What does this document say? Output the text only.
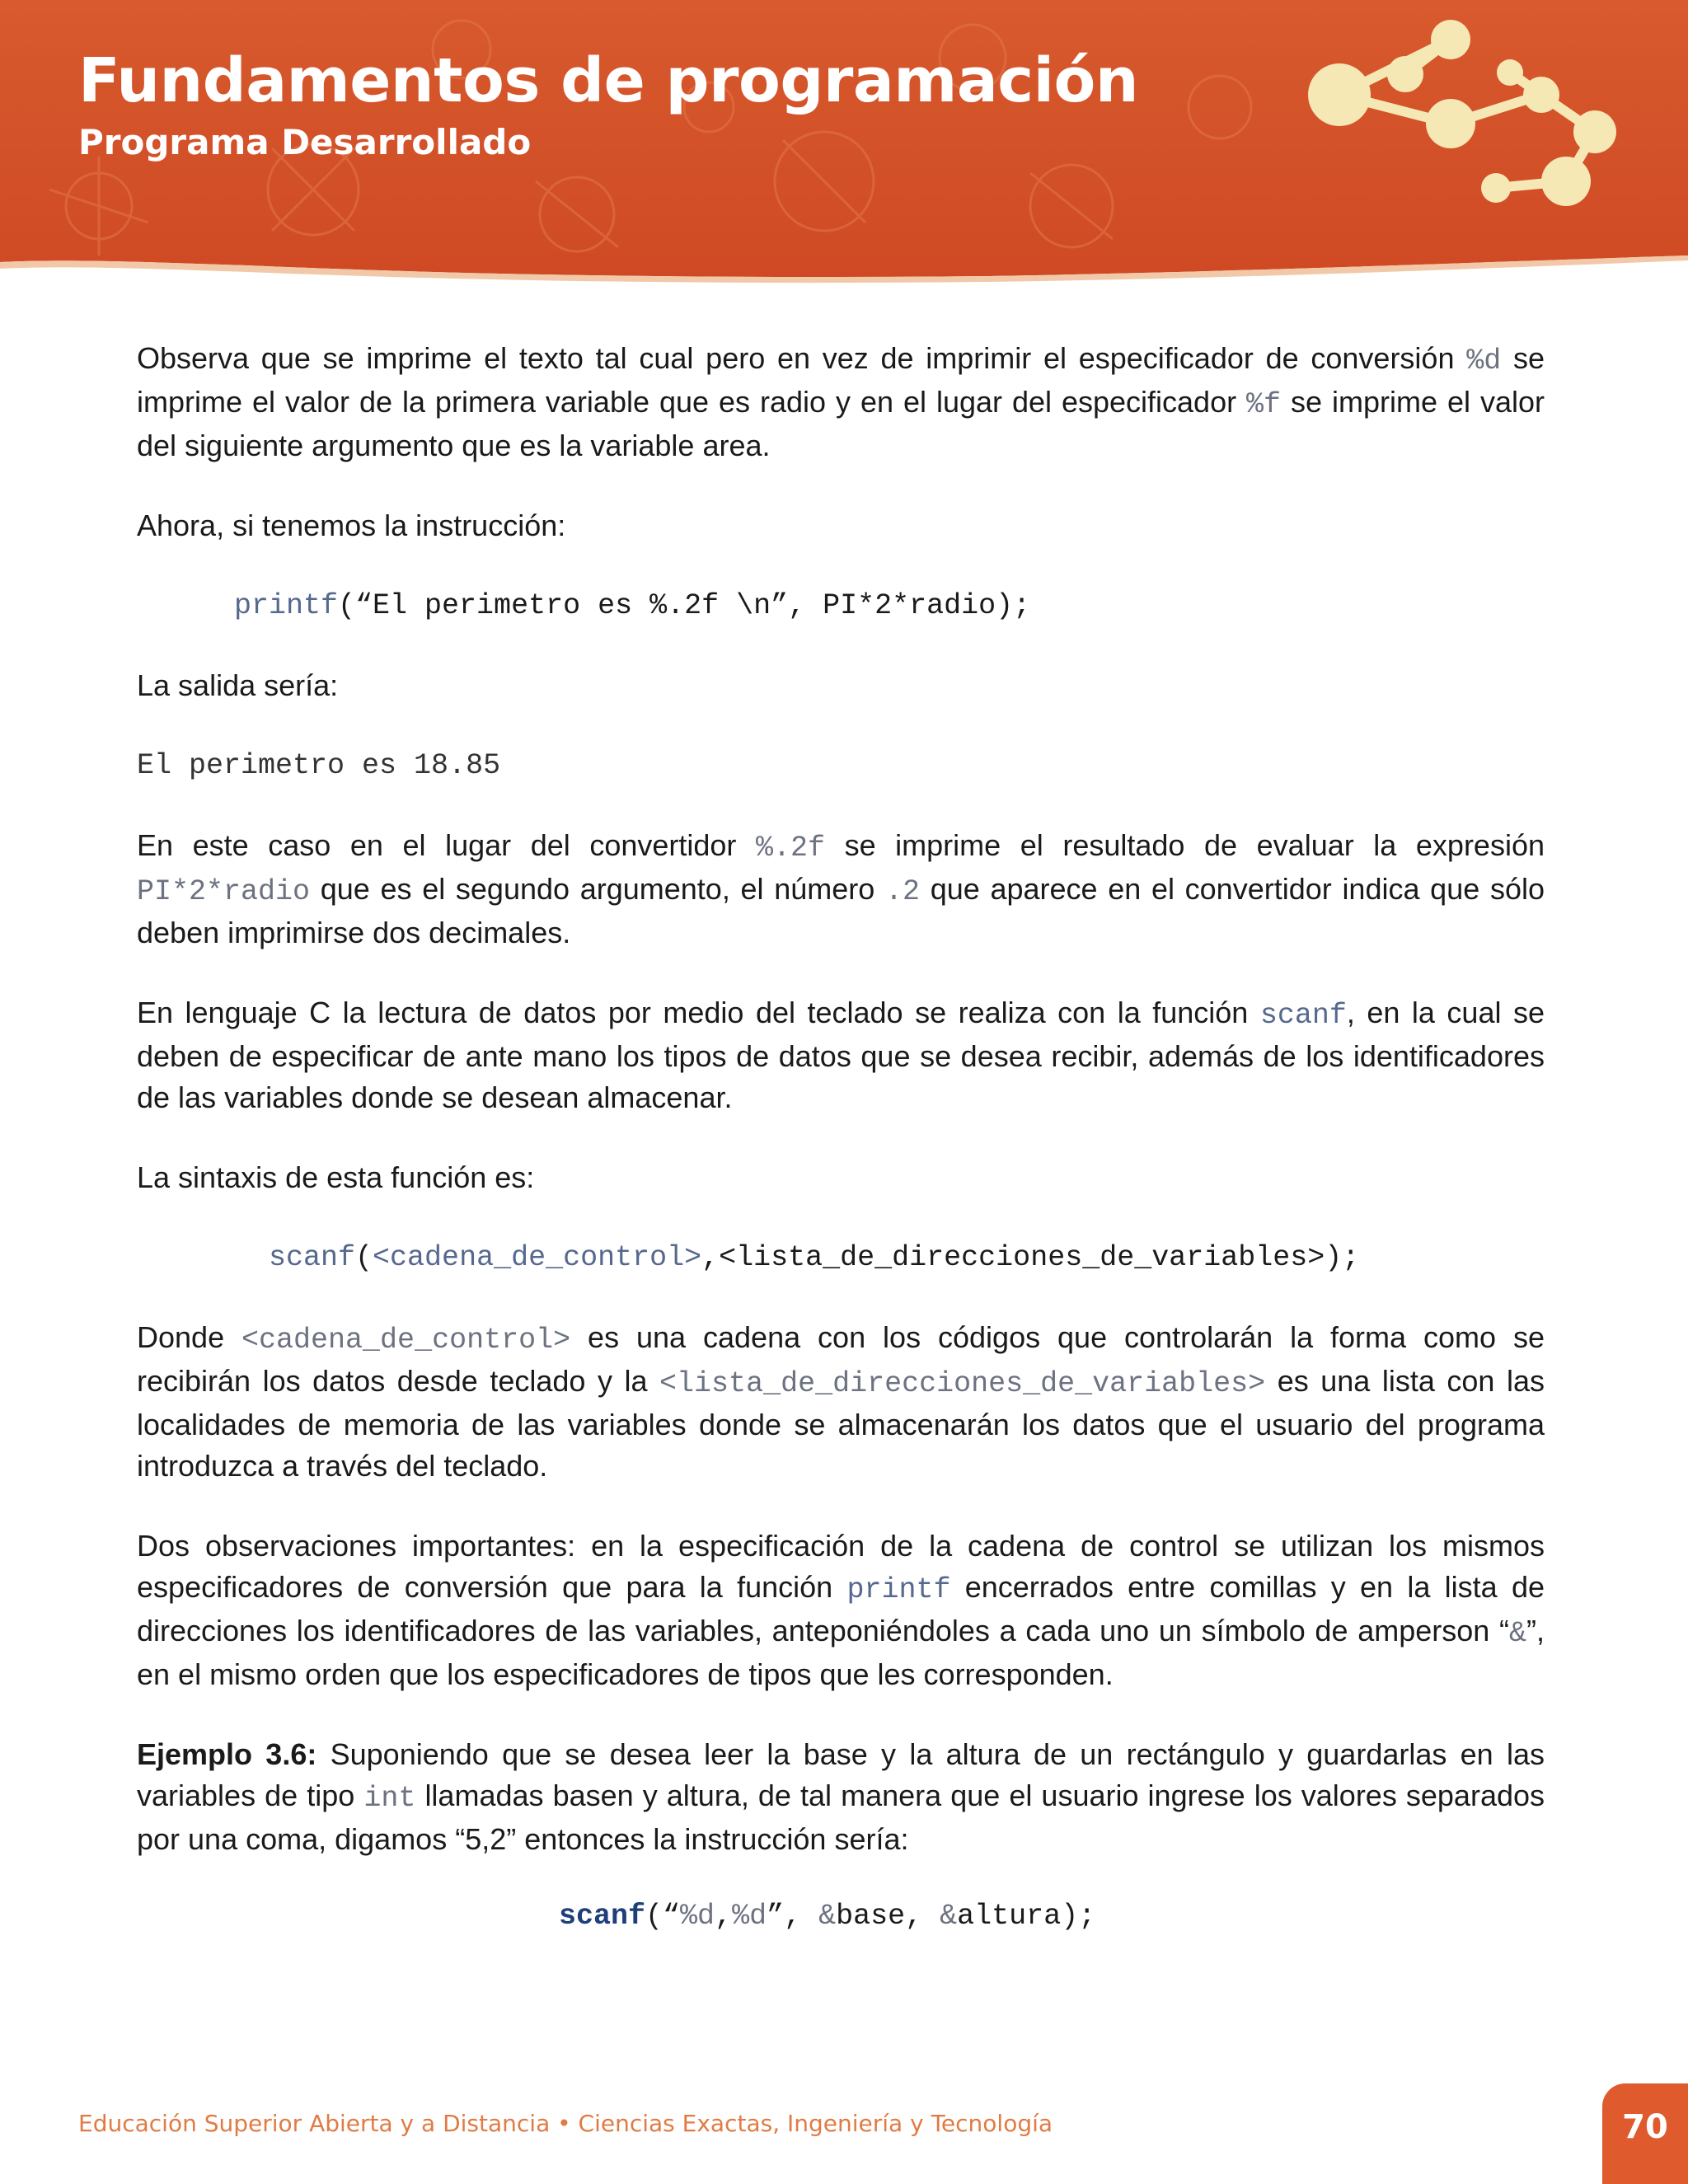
Fundamentos de programación
Programa Desarrollado

Observa que se imprime el texto tal cual pero en vez de imprimir el especificador de conversión %d se imprime el valor de la primera variable que es radio y en el lugar del especificador %f se imprime el valor del siguiente argumento que es la variable area.

Ahora, si tenemos la instrucción:

printf(“El perimetro es %.2f \n”, PI*2*radio);

La salida sería:

El perimetro es 18.85

En este caso en el lugar del convertidor %.2f se imprime el resultado de evaluar la expresión PI*2*radio que es el segundo argumento, el número .2 que aparece en el convertidor indica que sólo deben imprimirse dos decimales.

En lenguaje C la lectura de datos por medio del teclado se realiza con la función scanf, en la cual se deben de especificar de ante mano los tipos de datos que se desea recibir, además de los identificadores de las variables donde se desean almacenar.

La sintaxis de esta función es:

scanf(<cadena_de_control>,<lista_de_direcciones_de_variables>);

Donde <cadena_de_control> es una cadena con los códigos que controlarán la forma como se recibirán los datos desde teclado y la <lista_de_direcciones_de_variables> es una lista con las localidades de memoria de las variables donde se almacenarán los datos que el usuario del programa introduzca a través del teclado.

Dos observaciones importantes: en la especificación de la cadena de control se utilizan los mismos especificadores de conversión que para la función printf encerrados entre comillas y en la lista de direcciones los identificadores de las variables, anteponiéndoles a cada uno un símbolo de amperson “&”, en el mismo orden que los especificadores de tipos que les corresponden.

Ejemplo 3.6: Suponiendo que se desea leer la base y la altura de un rectángulo y guardarlas en las variables de tipo int llamadas basen y altura, de tal manera que el usuario ingrese los valores separados por una coma, digamos “5,2” entonces la instrucción sería:

scanf(“%d,%d”, &base, &altura);
Educación Superior Abierta y a Distancia • Ciencias Exactas, Ingeniería y Tecnología	70
